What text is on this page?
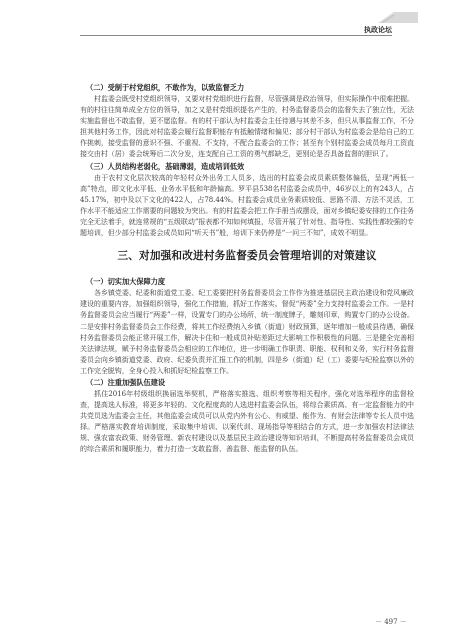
执政论坛
（二）受制于村党组织，不敢作为，以致监督乏力

村监委会既受村党组织领导，又要对村党组织进行监督，尽管强调是政治领导，但实际操作中很难把握。有的村往往简单成全方位的领导，加之又是村党组织提名产生的，村务监督委员会的监督失去了独立性，无法实施监督也不敢监督，更不愿监督。有的村干部认为村监委会主任待遇与其差不多，但只从事监督工作，不分担其他村务工作，因此对村监委会履行监督职能存有抵触情绪和偏见；部分村干部认为村监委会是给自己的工作挑刺，接受监督的意识不强、不重视、不支持，不配合监委会的工作；甚至有个别村监委会成员每月工资直接交由村（居）委会统筹后二次分发，连支配自己工资的勇气都缺乏，更别论是否具备监督的胆识了。

（三）人员结构老弱化，基础薄弱，造成培训低效

由于农村文化层次较高的年轻村众外出务工人员多，选出的村监委会成员素质整体偏低，呈现“两低一高”特点，即文化水平低、业务水平低和年龄偏高。罗平县538名村监委会成员中，46岁以上的有243人，占45.17%，初中及以下文化的422人，占78.44%。村监委会成员业务素质较低、思路不清、方法不灵活，工作水平不能适应工作需要的问题较为突出。有的村监委会把工作手册当成摆设，面对乡镇纪委安排的工作往务完全无法着手，就连常规的“五级联动”报表都不知如何填报，尽管开展了针对性、指导性、实践性都较强的专题培训，但少部分村监委会成员如同“听天书”般，培训下来仍停是“一问三不知”，成效不明显。

三、对加强和改进村务监督委员会管理培训的对策建议
（一）切实加大保障力度

各乡镇党委、纪委和街道党工委、纪工委要把村务监督委员会工作作为推进基层民主政治建设和党风廉政建设的重要内容，加强组织领导，强化工作措施，抓好工作落实。督促“两委”全力支持村监委会工作。一是村务监督委员会应当履行“两委”一样，设置专门的办公场所，统一制度牌子，雕刻印章，购置专门的办公设备。二是安排村务监督委员会工作经费，将其工作经费纳入乡镇（街道）财政预算，逐年增加一般或县待遇，确保村务监督委员会能正常开展工作，解决卡住和一般成员补贴差距过大影响工作积极性的问题。三是健全完善相关法律法规，赋予村务监督委员会相应的工作地位，进一步明确工作职责、职能、权利和义务，实行村务监督委员会向乡镇街道党委、政府、纪委负责并汇报工作的机制，四是乡（街道）纪（工）委要与纪检监察以外的工作完全脱钩，全身心投入和抓好纪检监察工作。

（二）注重加强队伍建设

抓住2016年村级组织换届选举契机，严格落实推选、组织考察等相关程序，强化对选举程序的监督检查，提高选人标准，将更多年轻的、文化程度高的人选进村监委会队伍，将综合素质高、有一定监督能力的中共党员选为监委会主任，其他监委会成员可以从党内外有公心、有威望、能作为、有财会法律等专长人员中选择。严格落实教育培训制度，采取集中培训、以案代训、现场指导等相结合的方式，进一步加强农村法律法规、强农富农政策、财务管理、新农村建设以及基层民主政治建设等知识培训，不断提高村务监督委员会成员的综合素质和履职能力，着力打造一支敢监督、善监督、能监督的队伍。

－ 497 －
